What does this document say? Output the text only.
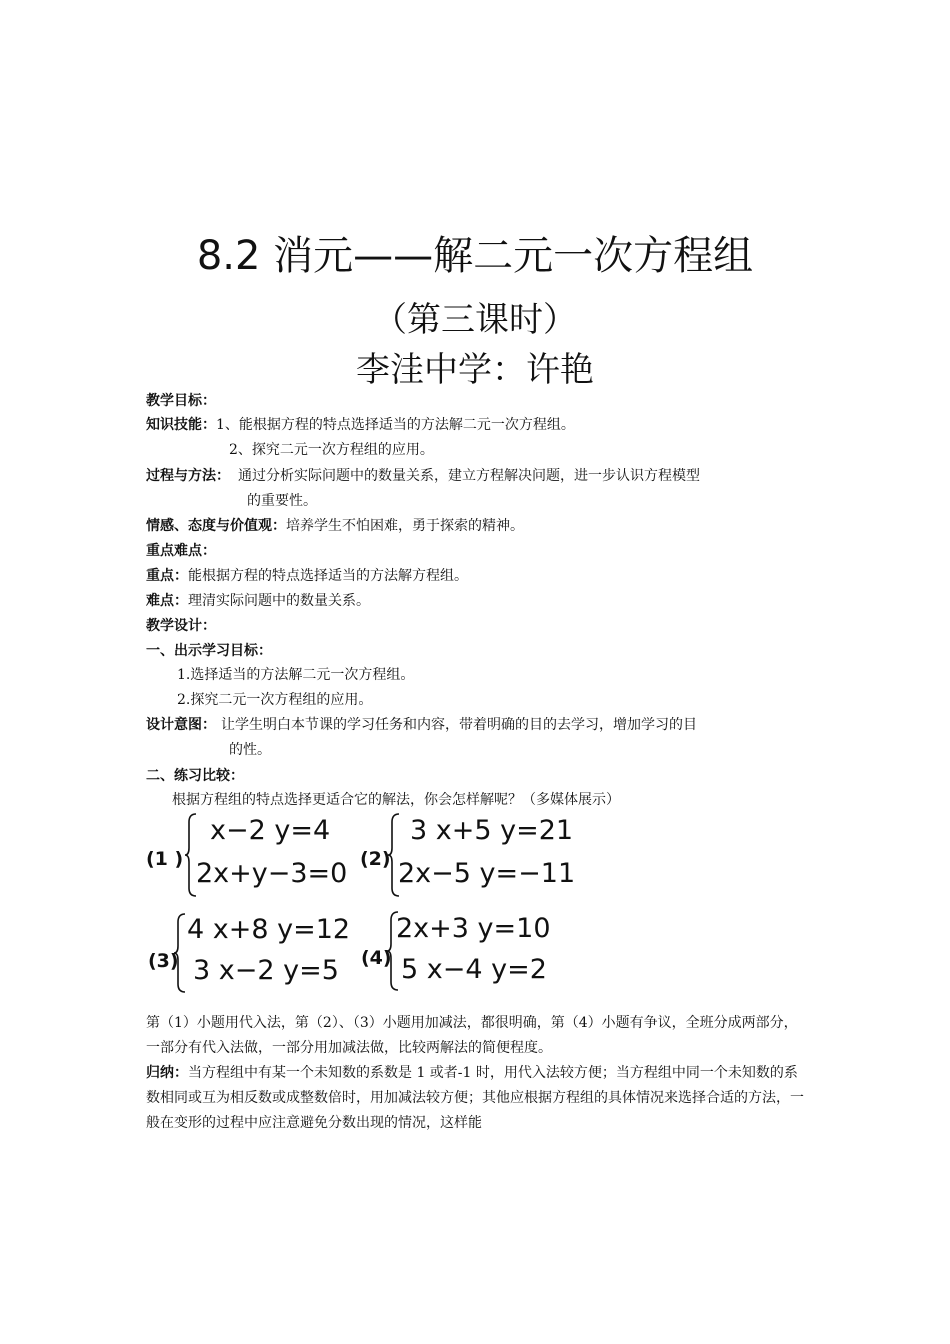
8.2 消元——解二元一次方程组
（第三课时）
李洼中学：许艳
教学目标：
知识技能：1、能根据方程的特点选择适当的方法解二元一次方程组。
2、探究二元一次方程组的应用。
过程与方法： 通过分析实际问题中的数量关系，建立方程解决问题，进一步认识方程模型
的重要性。
情感、态度与价值观：培养学生不怕困难，勇于探索的精神。
重点难点：
重点：能根据方程的特点选择适当的方法解方程组。
难点：理清实际问题中的数量关系。
教学设计：
一、出示学习目标：
1.选择适当的方法解二元一次方程组。
2.探究二元一次方程组的应用。
设计意图： 让学生明白本节课的学习任务和内容，带着明确的目的去学习，增加学习的目
的性。
二、练习比较：
根据方程组的特点选择更适合它的解法，你会怎样解呢？（多媒体展示）
(1 )
x−2 y=4
2x+y−3=0 (2)
3 x+5 y=21
2x−5 y=−11
(3)
4 x+8 y=12
3 x−2 y=5 (4)
2x+3 y=10
5 x−4 y=2
第（1）小题用代入法，第（2）、（3）小题用加减法，都很明确，第（4）小题有争议，全班分成两部分，一部分有代入法做，一部分用加减法做，比较两解法的简便程度。
归纳：当方程组中有某一个未知数的系数是 1 或者-1 时，用代入法较方便；当方程组中同一个未知数的系数相同或互为相反数或成整数倍时，用加减法较方便；其他应根据方程组的具体情况来选择合适的方法，一般在变形的过程中应注意避免分数出现的情况，这样能
